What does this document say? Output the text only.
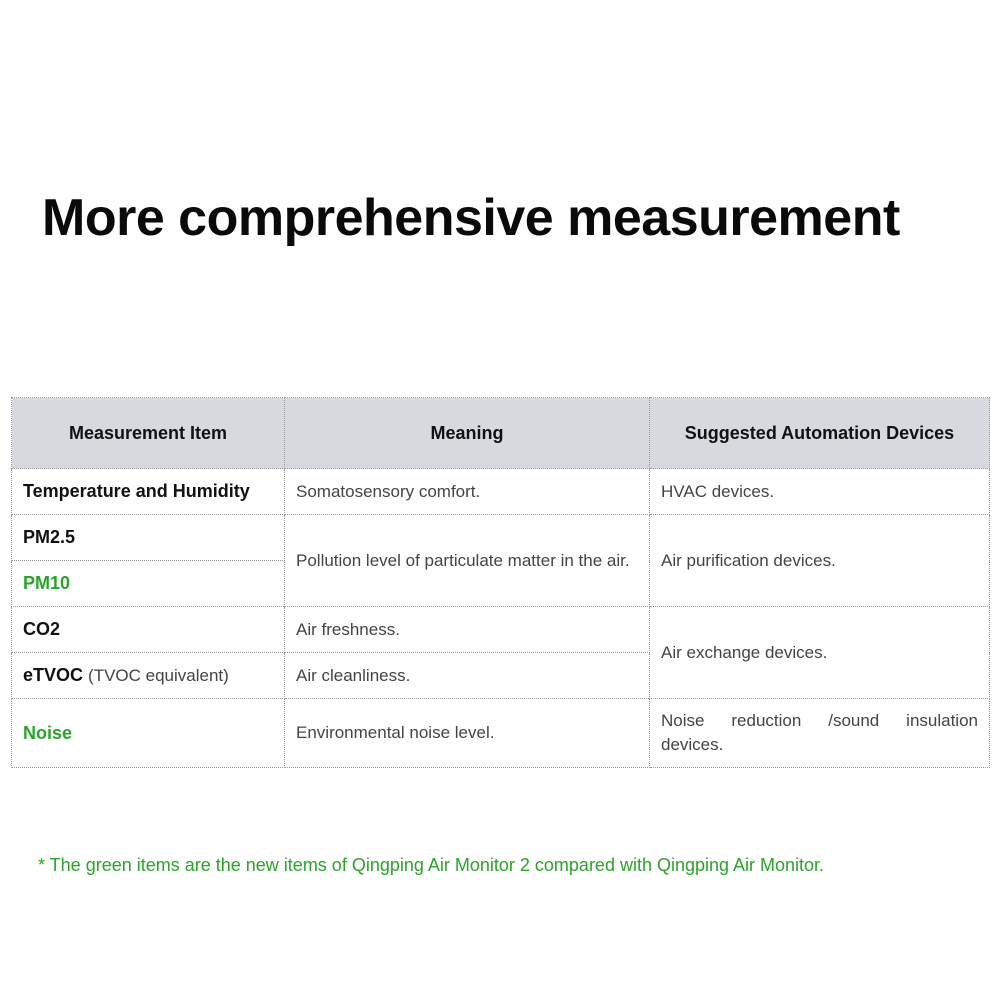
More comprehensive measurement
Measurement Item	Meaning	Suggested Automation Devices
Temperature and Humidity	Somatosensory comfort.	HVAC devices.
PM2.5	Pollution level of particulate matter in the air.	Air purification devices.
PM10		
CO2	Air freshness.	Air exchange devices.
eTVOC (TVOC equivalent)	Air cleanliness.	
Noise	Environmental noise level.	Noise reduction /sound insulation devices.

* The green items are the new items of Qingping Air Monitor 2 compared with Qingping Air Monitor.
